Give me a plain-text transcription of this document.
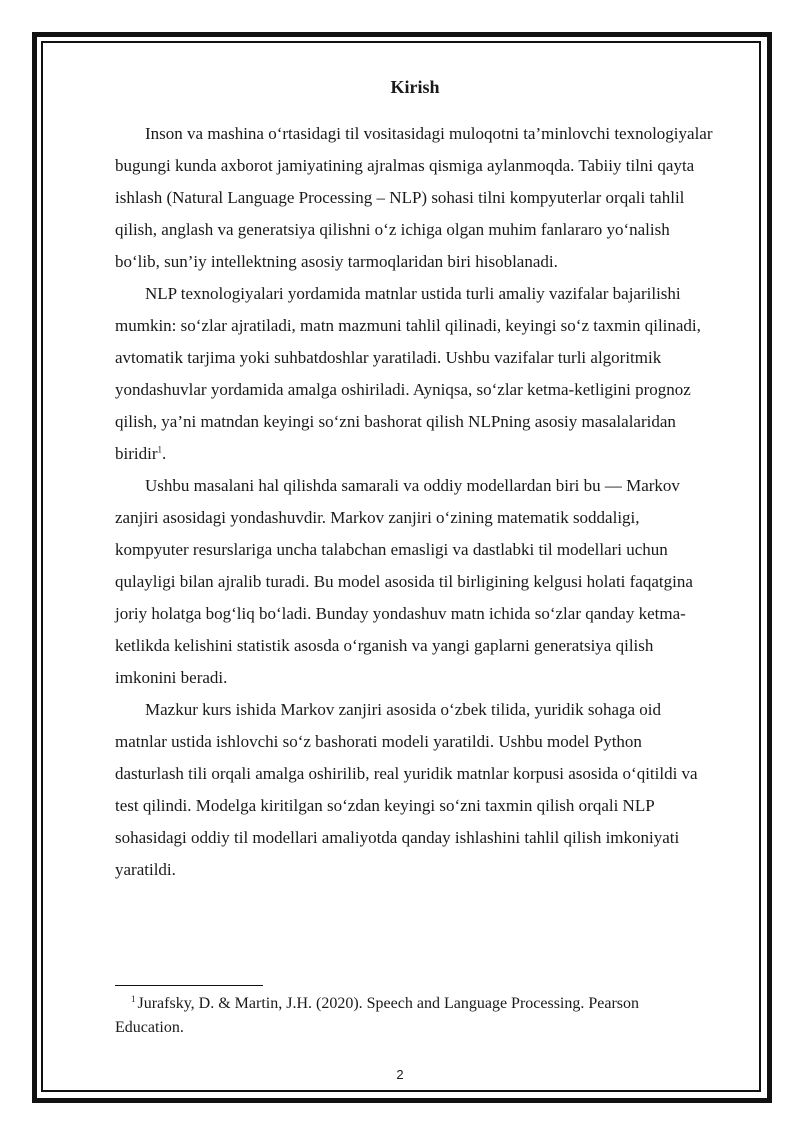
Kirish

Inson va mashina o‘rtasidagi til vositasidagi muloqotni ta’minlovchi texnologiyalar bugungi kunda axborot jamiyatining ajralmas qismiga aylanmoqda. Tabiiy tilni qayta ishlash (Natural Language Processing – NLP) sohasi tilni kompyuterlar orqali tahlil qilish, anglash va generatsiya qilishni o‘z ichiga olgan muhim fanlararo yo‘nalish bo‘lib, sun’iy intellektning asosiy tarmoqlaridan biri hisoblanadi.

NLP texnologiyalari yordamida matnlar ustida turli amaliy vazifalar bajarilishi mumkin: so‘zlar ajratiladi, matn mazmuni tahlil qilinadi, keyingi so‘z taxmin qilinadi, avtomatik tarjima yoki suhbatdoshlar yaratiladi. Ushbu vazifalar turli algoritmik yondashuvlar yordamida amalga oshiriladi. Ayniqsa, so‘zlar ketma-ketligini prognoz qilish, ya’ni matndan keyingi so‘zni bashorat qilish NLPning asosiy masalalaridan biridir$^1$.

Ushbu masalani hal qilishda samarali va oddiy modellardan biri bu — Markov zanjiri asosidagi yondashuvdir. Markov zanjiri o‘zining matematik soddaligi, kompyuter resurslariga uncha talabchan emasligi va dastlabki til modellari uchun qulayligi bilan ajralib turadi. Bu model asosida til birligining kelgusi holati faqatgina joriy holatga bog‘liq bo‘ladi. Bunday yondashuv matn ichida so‘zlar qanday ketma-ketlikda kelishini statistik asosda o‘rganish va yangi gaplarni generatsiya qilish imkonini beradi.

Mazkur kurs ishida Markov zanjiri asosida o‘zbek tilida, yuridik sohaga oid matnlar ustida ishlovchi so‘z bashorati modeli yaratildi. Ushbu model Python dasturlash tili orqali amalga oshirilib, real yuridik matnlar korpusi asosida o‘qitildi va test qilindi. Modelga kiritilgan so‘zdan keyingi so‘zni taxmin qilish orqali NLP sohasidagi oddiy til modellari amaliyotda qanday ishlashini tahlil qilish imkoniyati yaratildi.

$^1$ Jurafsky, D. & Martin, J.H. (2020). Speech and Language Processing. Pearson Education.
2
